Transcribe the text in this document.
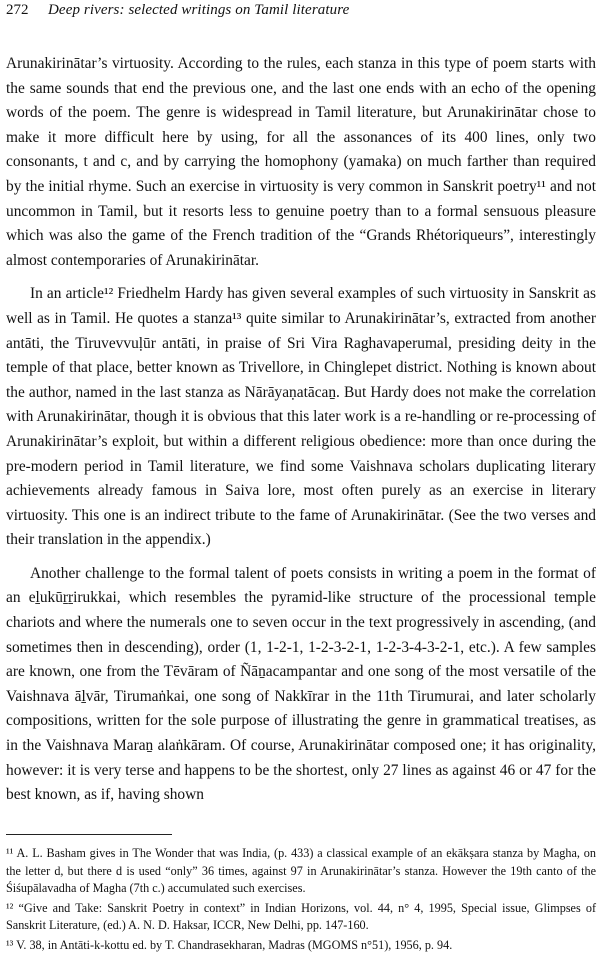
272 Deep rivers: selected writings on Tamil literature

Arunakirinātar’s virtuosity. According to the rules, each stanza in this type of poem starts with the same sounds that end the previous one, and the last one ends with an echo of the opening words of the poem. The genre is widespread in Tamil literature, but Arunakirinātar chose to make it more difficult here by using, for all the assonances of its 400 lines, only two consonants, t and c, and by carrying the homophony (yamaka) on much farther than required by the initial rhyme. Such an exercise in virtuosity is very common in Sanskrit poetry¹¹ and not uncommon in Tamil, but it resorts less to genuine poetry than to a formal sensuous pleasure which was also the game of the French tradition of the “Grands Rhétoriqueurs”, interestingly almost contemporaries of Arunakirinātar.

In an article¹² Friedhelm Hardy has given several examples of such virtuosity in Sanskrit as well as in Tamil. He quotes a stanza¹³ quite similar to Arunakirinātar’s, extracted from another antāti, the Tiruvevvuḷūr antāti, in praise of Sri Vira Raghavaperumal, presiding deity in the temple of that place, better known as Trivellore, in Chinglepet district. Nothing is known about the author, named in the last stanza as Nārāyaṇatācaṉ. But Hardy does not make the correlation with Arunakirinātar, though it is obvious that this later work is a re-handling or re-processing of Arunakirinātar’s exploit, but within a different religious obedience: more than once during the pre-modern period in Tamil literature, we find some Vaishnava scholars duplicating literary achievements already famous in Saiva lore, most often purely as an exercise in literary virtuosity. This one is an indirect tribute to the fame of Arunakirinātar. (See the two verses and their translation in the appendix.)

Another challenge to the formal talent of poets consists in writing a poem in the format of an eḻukūṟṟirukkai, which resembles the pyramid-like structure of the processional temple chariots and where the numerals one to seven occur in the text progressively in ascending, (and sometimes then in descending), order (1, 1-2-1, 1-2-3-2-1, 1-2-3-4-3-2-1, etc.). A few samples are known, one from the Tēvāram of Ñāṉacampantar and one song of the most versatile of the Vaishnava āḻvār, Tirumaṅkai, one song of Nakkīrar in the 11th Tirumurai, and later scholarly compositions, written for the sole purpose of illustrating the genre in grammatical treatises, as in the Vaishnava Maraṉ alaṅkāram. Of course, Arunakirinātar composed one; it has originality, however: it is very terse and happens to be the shortest, only 27 lines as against 46 or 47 for the best known, as if, having shown

¹¹ A. L. Basham gives in The Wonder that was India, (p. 433) a classical example of an ekākṣara stanza by Magha, on the letter d, but there d is used “only” 36 times, against 97 in Arunakirinātar’s stanza. However the 19th canto of the Śiśupālavadha of Magha (7th c.) accumulated such exercises.

¹² “Give and Take: Sanskrit Poetry in context” in Indian Horizons, vol. 44, n° 4, 1995, Special issue, Glimpses of Sanskrit Literature, (ed.) A. N. D. Haksar, ICCR, New Delhi, pp. 147-160.

¹³ V. 38, in Antāti-k-kottu ed. by T. Chandrasekharan, Madras (MGOMS n°51), 1956, p. 94.
